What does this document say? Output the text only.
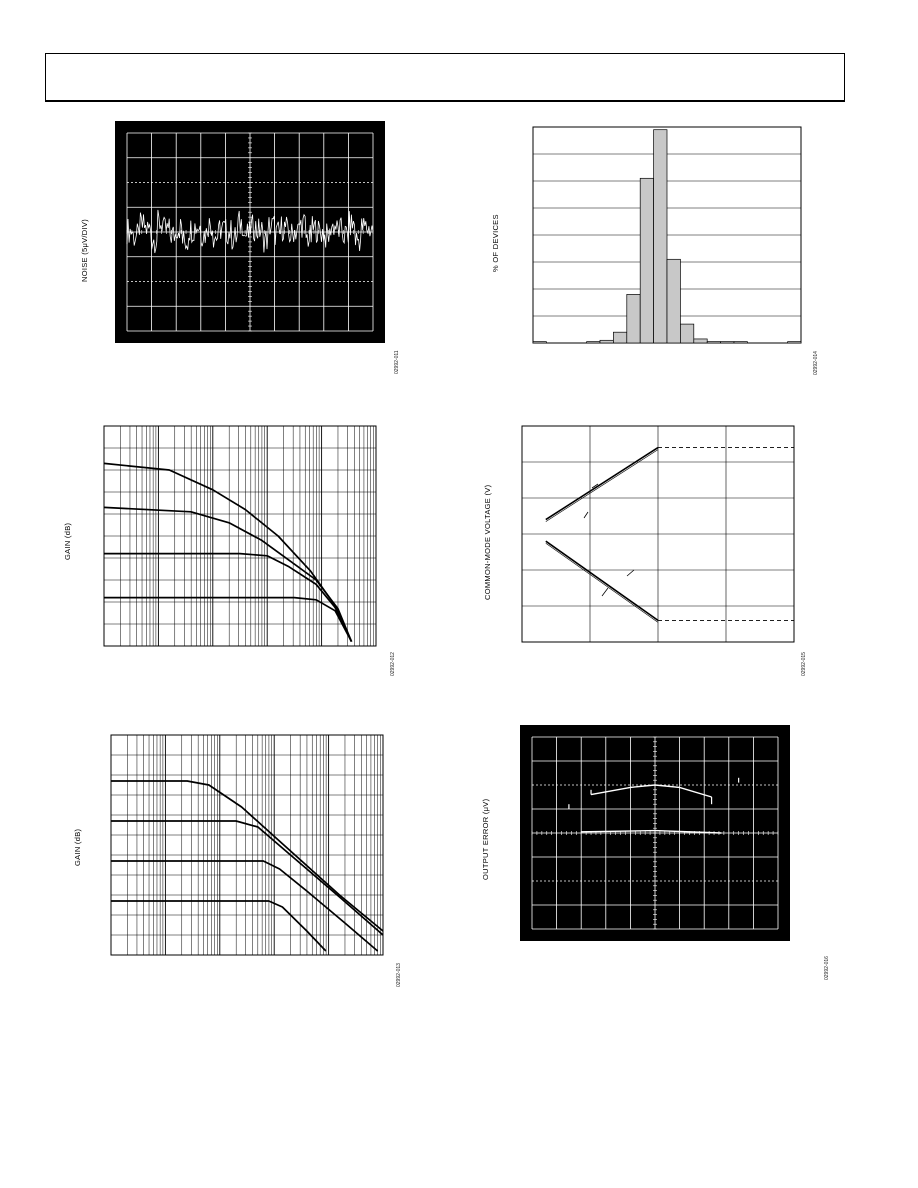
NOISE (5μV/DIV)
02992-011
GAIN (dB)
02992-012
GAIN (dB)
02992-013
% OF DEVICES
02992-014
COMMON-MODE VOLTAGE (V)
02992-015
OUTPUT ERROR (μV)
02992-016
